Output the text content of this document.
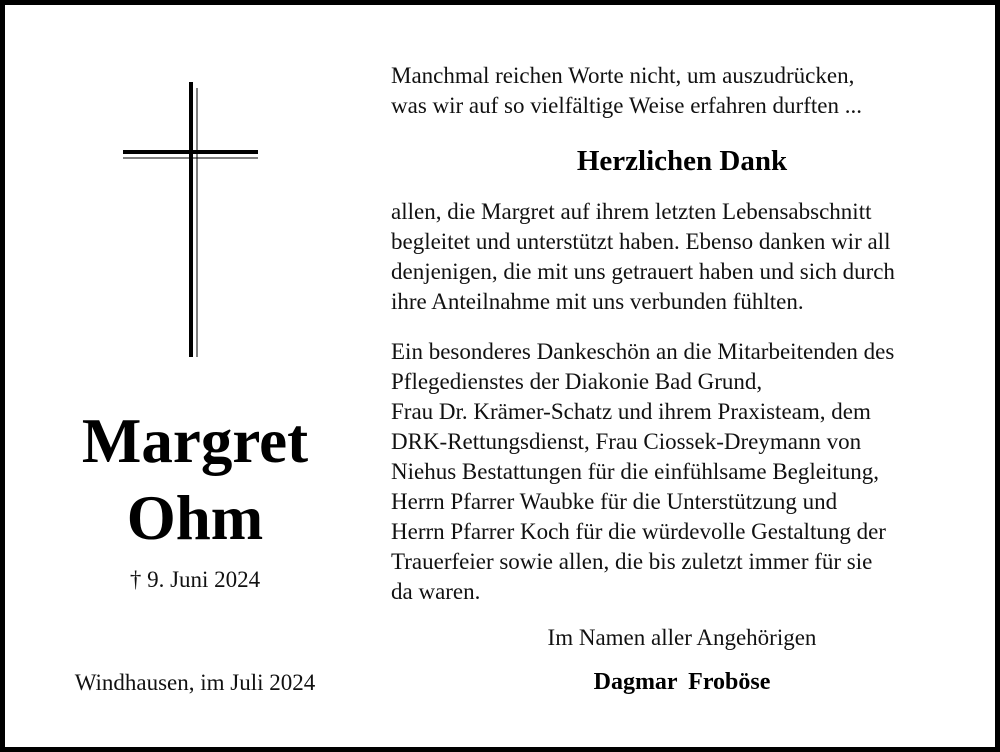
Margret
Ohm
† 9. Juni 2024
Windhausen, im Juli 2024
Manchmal reichen Worte nicht, um auszudrücken,
was wir auf so vielfältige Weise erfahren durften ...
Herzlichen Dank
allen, die Margret auf ihrem letzten Lebensabschnitt
begleitet und unterstützt haben. Ebenso danken wir all
denjenigen, die mit uns getrauert haben und sich durch
ihre Anteilnahme mit uns verbunden fühlten.
Ein besonderes Dankeschön an die Mitarbeitenden des
Pflegedienstes der Diakonie Bad Grund,
Frau Dr. Krämer-Schatz und ihrem Praxisteam, dem
DRK-Rettungsdienst, Frau Ciossek-Dreymann von
Niehus Bestattungen für die einfühlsame Begleitung,
Herrn Pfarrer Waubke für die Unterstützung und
Herrn Pfarrer Koch für die würdevolle Gestaltung der
Trauerfeier sowie allen, die bis zuletzt immer für sie
da waren.
Im Namen aller Angehörigen
Dagmar Froböse
